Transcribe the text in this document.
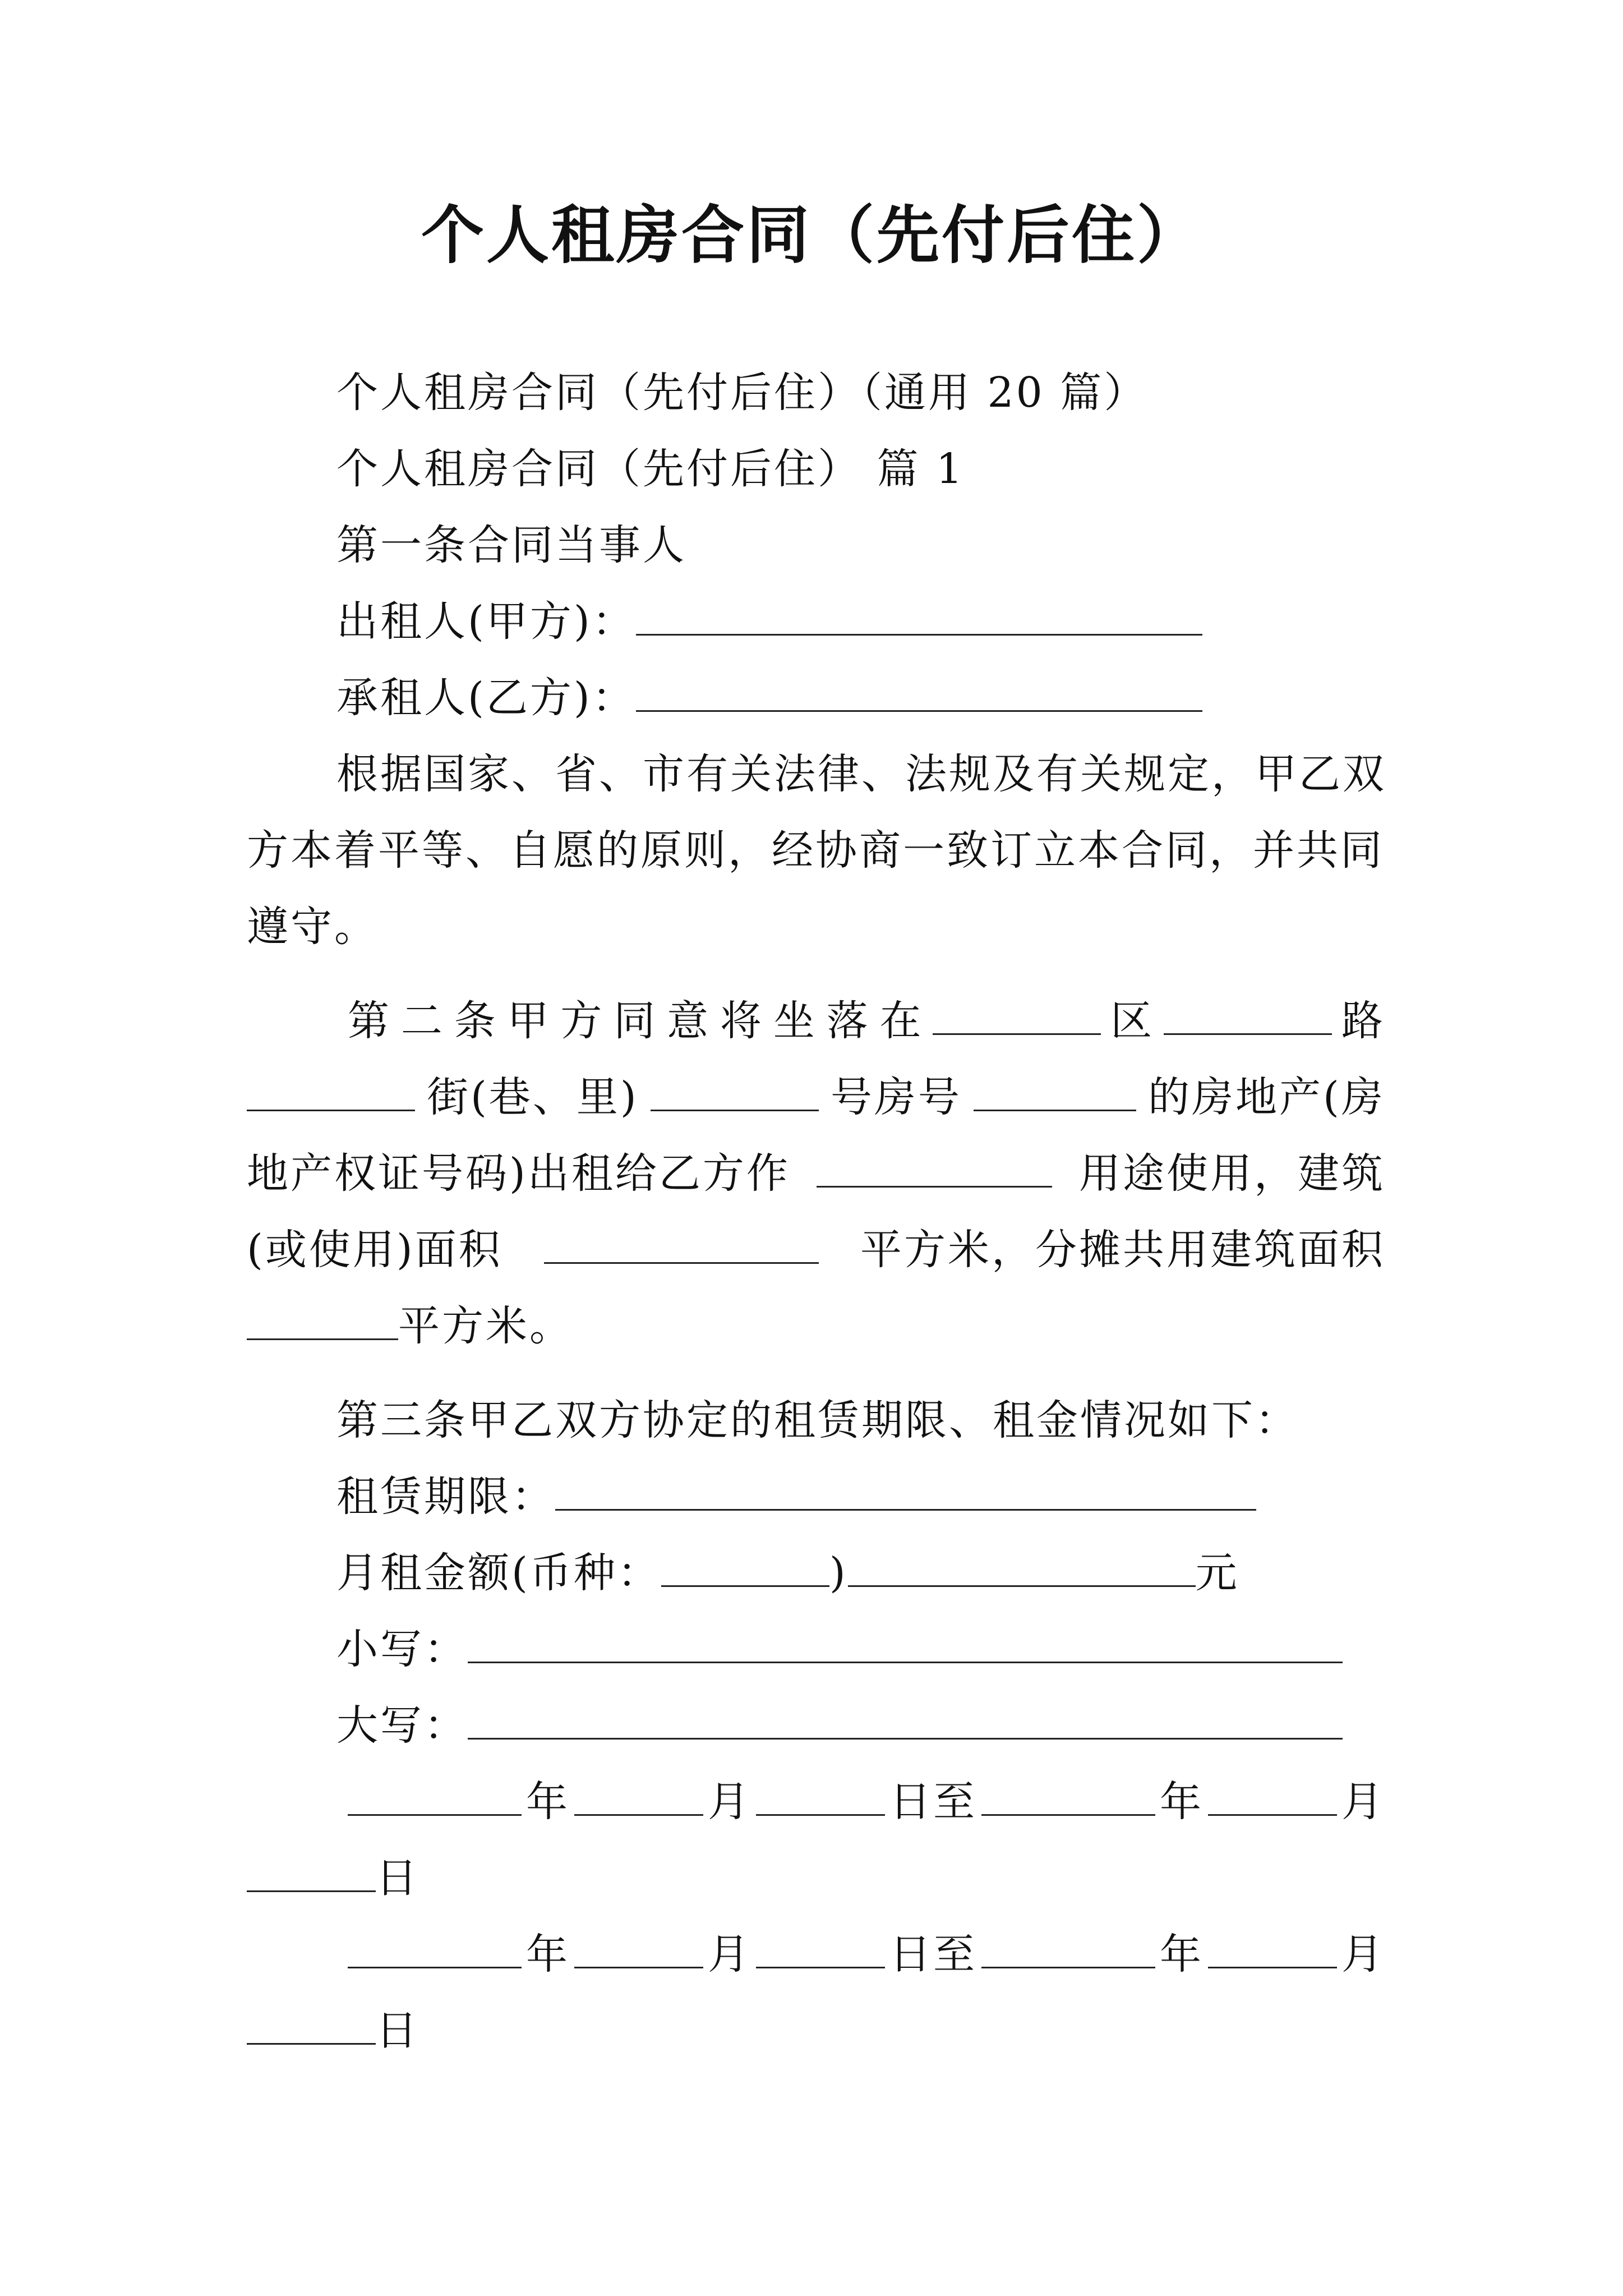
个人租房合同（先付后住）
个人租房合同（先付后住）（通用 20 篇）
个人租房合同（先付后住） 篇 1
第一条合同当事人
出租人(甲方)：
承租人(乙方)：
根据国家、省、市有关法律、法规及有关规定，甲乙双
方本着平等、自愿的原则，经协商一致订立本合同，并共同
遵守。
第 二 条 甲 方 同 意 将 坐 落 在	区	路
街(巷、里)	号房号	的房地产(房
地产权证号码)出租给乙方作	用途使用，建筑
(或使用)面积	平方米，分摊共用建筑面积
平方米。
第三条甲乙双方协定的租赁期限、租金情况如下：
租赁期限：
月租金额(币种：	)	元
小写：
大写：
年	月	日至	年	月
日
年	月	日至	年	月
日
